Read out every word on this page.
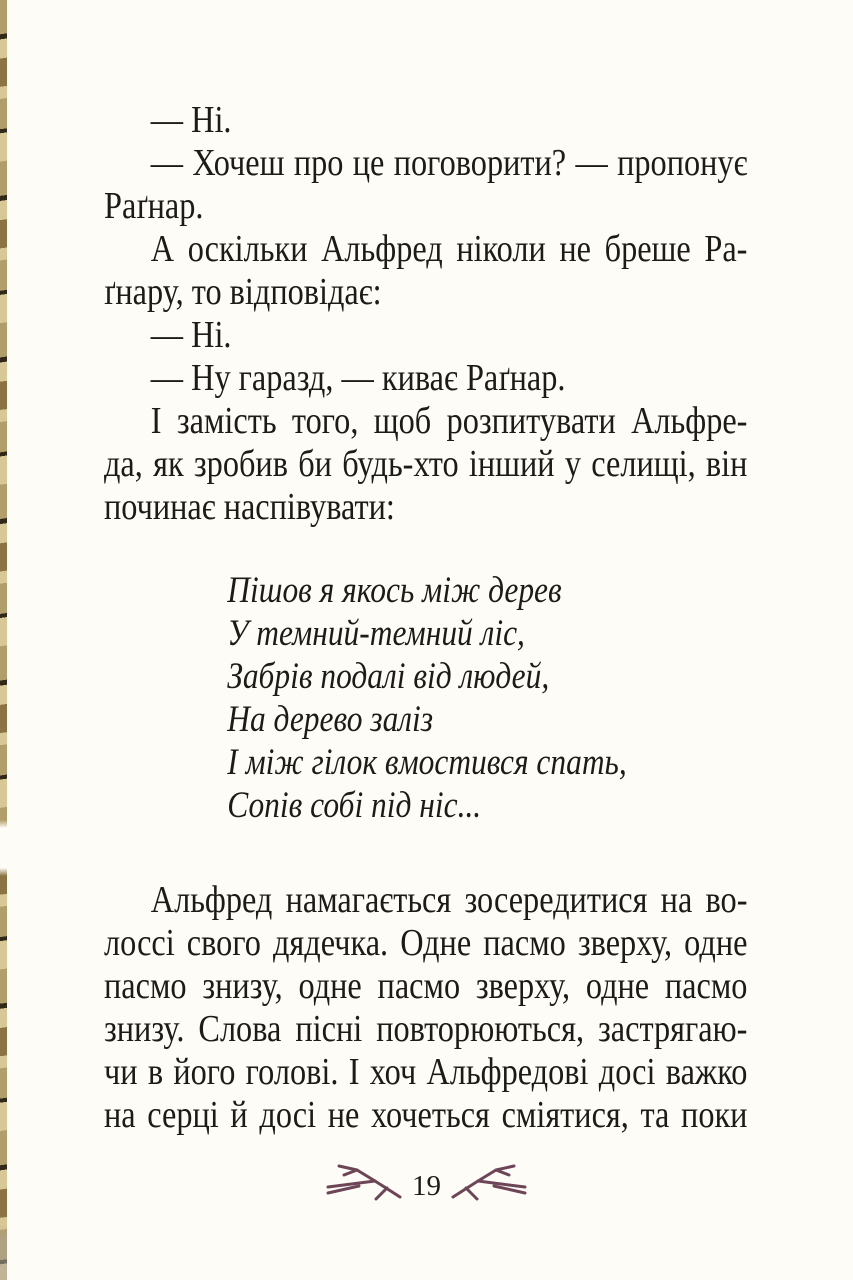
— Ні.
— Хочеш про це поговорити? — пропонує
Раґнар.
А оскільки Альфред ніколи не бреше Ра-
ґнару, то відповідає:
— Ні.
— Ну гаразд, — киває Раґнар.
І замість того, щоб розпитувати Альфре-
да, як зробив би будь-хто інший у селищі, він
починає наспівувати:
Пішов я якось між дерев
У темний-темний ліс,
Забрів подалі від людей,
На дерево заліз
І між гілок вмостився спать,
Сопів собі під ніс...
Альфред намагається зосередитися на во-
лоссі свого дядечка. Одне пасмо зверху, одне
пасмо знизу, одне пасмо зверху, одне пасмо
знизу. Слова пісні повторюються, застрягаю-
чи в його голові. І хоч Альфредові досі важко
на серці й досі не хочеться сміятися, та поки
19
